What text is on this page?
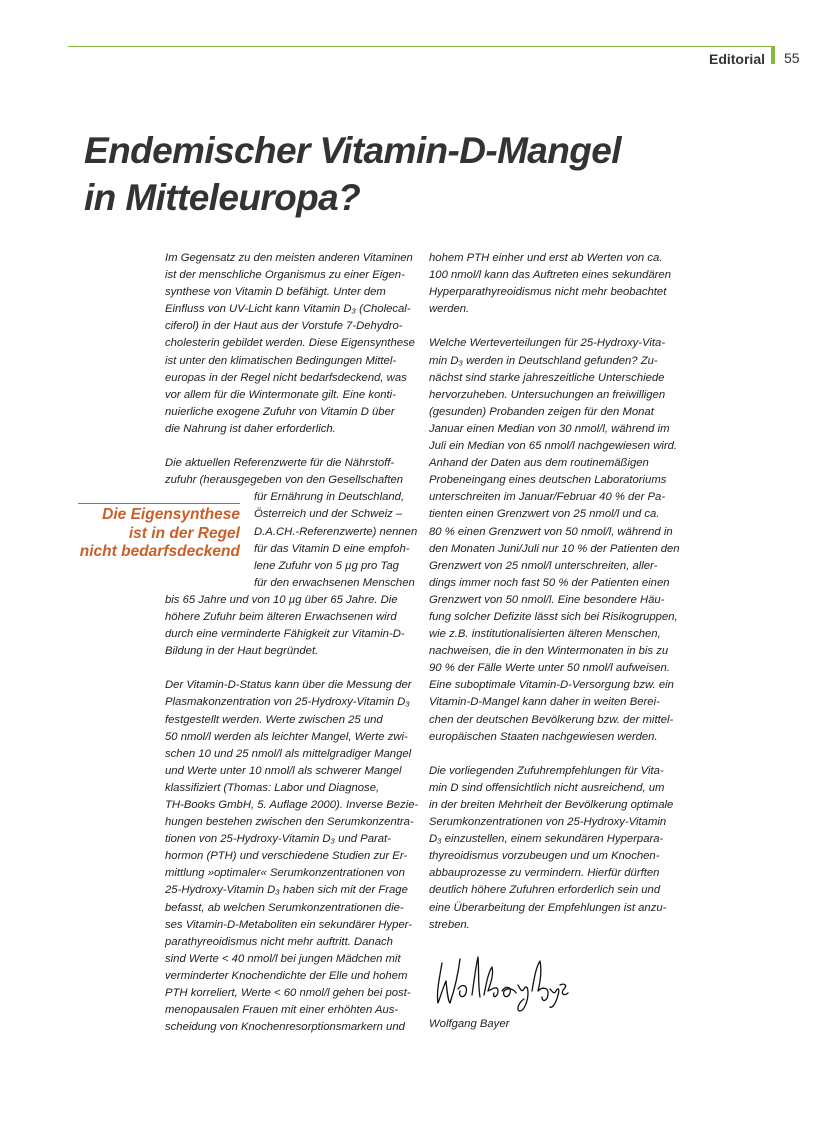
Editorial 55
Endemischer Vitamin-D-Mangel
in Mitteleuropa?

Im Gegensatz zu den meisten anderen Vitaminen
ist der menschliche Organismus zu einer Eigen-
synthese von Vitamin D befähigt. Unter dem
Einfluss von UV-Licht kann Vitamin D₃ (Cholecal-
ciferol) in der Haut aus der Vorstufe 7-Dehydro-
cholesterin gebildet werden. Diese Eigensynthese
ist unter den klimatischen Bedingungen Mittel-
europas in der Regel nicht bedarfsdeckend, was
vor allem für die Wintermonate gilt. Eine konti-
nuierliche exogene Zufuhr von Vitamin D über
die Nahrung ist daher erforderlich.

Die aktuellen Referenzwerte für die Nährstoff-
zufuhr (herausgegeben von den Gesellschaften
für Ernährung in Deutschland,
Österreich und der Schweiz –
D.A.CH.-Referenzwerte) nennen
für das Vitamin D eine empfoh-
lene Zufuhr von 5 µg pro Tag
für den erwachsenen Menschen
bis 65 Jahre und von 10 µg über 65 Jahre. Die
höhere Zufuhr beim älteren Erwachsenen wird
durch eine verminderte Fähigkeit zur Vitamin-D-
Bildung in der Haut begründet.

Der Vitamin-D-Status kann über die Messung der
Plasmakonzentration von 25-Hydroxy-Vitamin D₃
festgestellt werden. Werte zwischen 25 und
50 nmol/l werden als leichter Mangel, Werte zwi-
schen 10 und 25 nmol/l als mittelgradiger Mangel
und Werte unter 10 nmol/l als schwerer Mangel
klassifiziert (Thomas: Labor und Diagnose,
TH-Books GmbH, 5. Auflage 2000). Inverse Bezie-
hungen bestehen zwischen den Serumkonzentra-
tionen von 25-Hydroxy-Vitamin D₃ und Parat-
hormon (PTH) und verschiedene Studien zur Er-
mittlung »optimaler« Serumkonzentrationen von
25-Hydroxy-Vitamin D₃ haben sich mit der Frage
befasst, ab welchen Serumkonzentrationen die-
ses Vitamin-D-Metaboliten ein sekundärer Hyper-
parathyreoidismus nicht mehr auftritt. Danach
sind Werte < 40 nmol/l bei jungen Mädchen mit
verminderter Knochendichte der Elle und hohem
PTH korreliert, Werte < 60 nmol/l gehen bei post-
menopausalen Frauen mit einer erhöhten Aus-
scheidung von Knochenresorptionsmarkern und

hohem PTH einher und erst ab Werten von ca.
100 nmol/l kann das Auftreten eines sekundären
Hyperparathyreoidismus nicht mehr beobachtet
werden.

Welche Werteverteilungen für 25-Hydroxy-Vita-
min D₃ werden in Deutschland gefunden? Zu-
nächst sind starke jahreszeitliche Unterschiede
hervorzuheben. Untersuchungen an freiwilligen
(gesunden) Probanden zeigen für den Monat
Januar einen Median von 30 nmol/l, während im
Juli ein Median von 65 nmol/l nachgewiesen wird.
Anhand der Daten aus dem routinemäßigen
Probeneingang eines deutschen Laboratoriums
unterschreiten im Januar/Februar 40 % der Pa-
tienten einen Grenzwert von 25 nmol/l und ca.
80 % einen Grenzwert von 50 nmol/l, während in
den Monaten Juni/Juli nur 10 % der Patienten den
Grenzwert von 25 nmol/l unterschreiten, aller-
dings immer noch fast 50 % der Patienten einen
Grenzwert von 50 nmol/l. Eine besondere Häu-
fung solcher Defizite lässt sich bei Risikogruppen,
wie z.B. institutionalisierten älteren Menschen,
nachweisen, die in den Wintermonaten in bis zu
90 % der Fälle Werte unter 50 nmol/l aufweisen.
Eine suboptimale Vitamin-D-Versorgung bzw. ein
Vitamin-D-Mangel kann daher in weiten Berei-
chen der deutschen Bevölkerung bzw. der mittel-
europäischen Staaten nachgewiesen werden.

Die vorliegenden Zufuhrempfehlungen für Vita-
min D sind offensichtlich nicht ausreichend, um
in der breiten Mehrheit der Bevölkerung optimale
Serumkonzentrationen von 25-Hydroxy-Vitamin
D₃ einzustellen, einem sekundären Hyperpara-
thyreoidismus vorzubeugen und um Knochen-
abbauprozesse zu vermindern. Hierfür dürften
deutlich höhere Zufuhren erforderlich sein und
eine Überarbeitung der Empfehlungen ist anzu-
streben.

Die Eigensynthese
ist in der Regel
nicht bedarfsdeckend
Wolfgang Bayer
